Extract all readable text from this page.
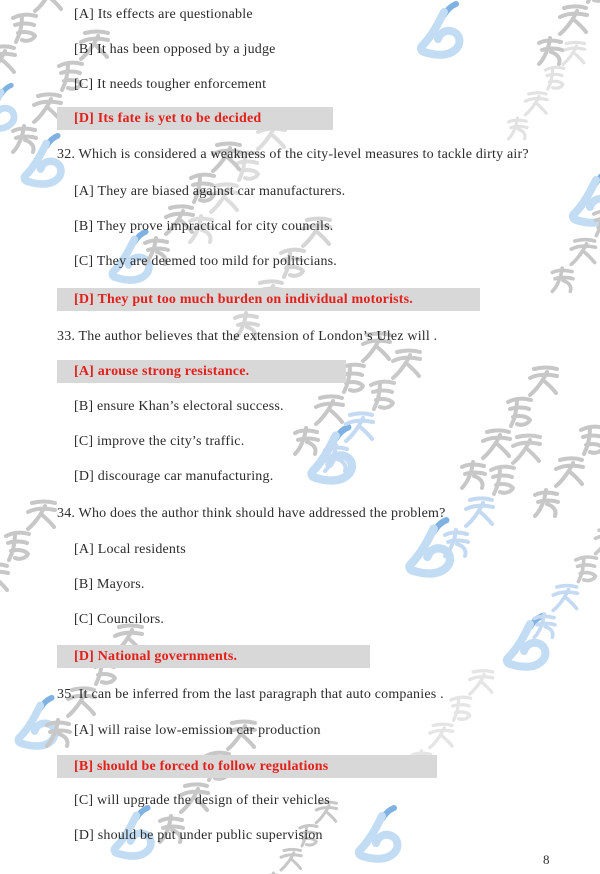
[A] Its effects are questionable
[B] It has been opposed by a judge
[C] It needs tougher enforcement
[D] Its fate is yet to be decided
32. Which is considered a weakness of the city-level measures to tackle dirty air?
[A] They are biased against car manufacturers.
[B] They prove impractical for city councils.
[C] They are deemed too mild for politicians.
[D] They put too much burden on individual motorists.
33. The author believes that the extension of London’s Ulez will .
[A] arouse strong resistance.
[B] ensure Khan’s electoral success.
[C] improve the city’s traffic.
[D] discourage car manufacturing.
34. Who does the author think should have addressed the problem?
[A] Local residents
[B] Mayors.
[C] Councilors.
[D] National governments.
35. It can be inferred from the last paragraph that auto companies .
[A] will raise low-emission car production
[B] should be forced to follow regulations
[C] will upgrade the design of their vehicles
[D] should be put under public supervision
8
